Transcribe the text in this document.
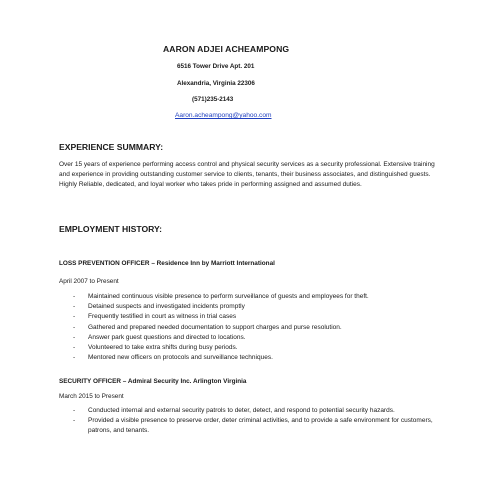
AARON ADJEI ACHEAMPONG
6516 Tower Drive Apt. 201
Alexandria, Virginia 22306
(571)235-2143
Aaron.acheampong@yahoo.com
EXPERIENCE SUMMARY:
Over 15 years of experience performing access control and physical security services as a security professional. Extensive training and experience in providing outstanding customer service to clients, tenants, their business associates, and distinguished guests. Highly Reliable, dedicated, and loyal worker who takes pride in performing assigned and assumed duties.
EMPLOYMENT HISTORY:
LOSS PREVENTION OFFICER – Residence Inn by Marriott International
April 2007 to Present
- Maintained continuous visible presence to perform surveillance of guests and employees for theft.
- Detained suspects and investigated incidents promptly
- Frequently testified in court as witness in trial cases
- Gathered and prepared needed documentation to support charges and purse resolution.
- Answer park guest questions and directed to locations.
- Volunteered to take extra shifts during busy periods.
- Mentored new officers on protocols and surveillance techniques.
SECURITY OFFICER – Admiral Security Inc. Arlington Virginia
March 2015 to Present
- Conducted internal and external security patrols to deter, detect, and respond to potential security hazards.
- Provided a visible presence to preserve order, deter criminal activities, and to provide a safe environment for customers, patrons, and tenants.
